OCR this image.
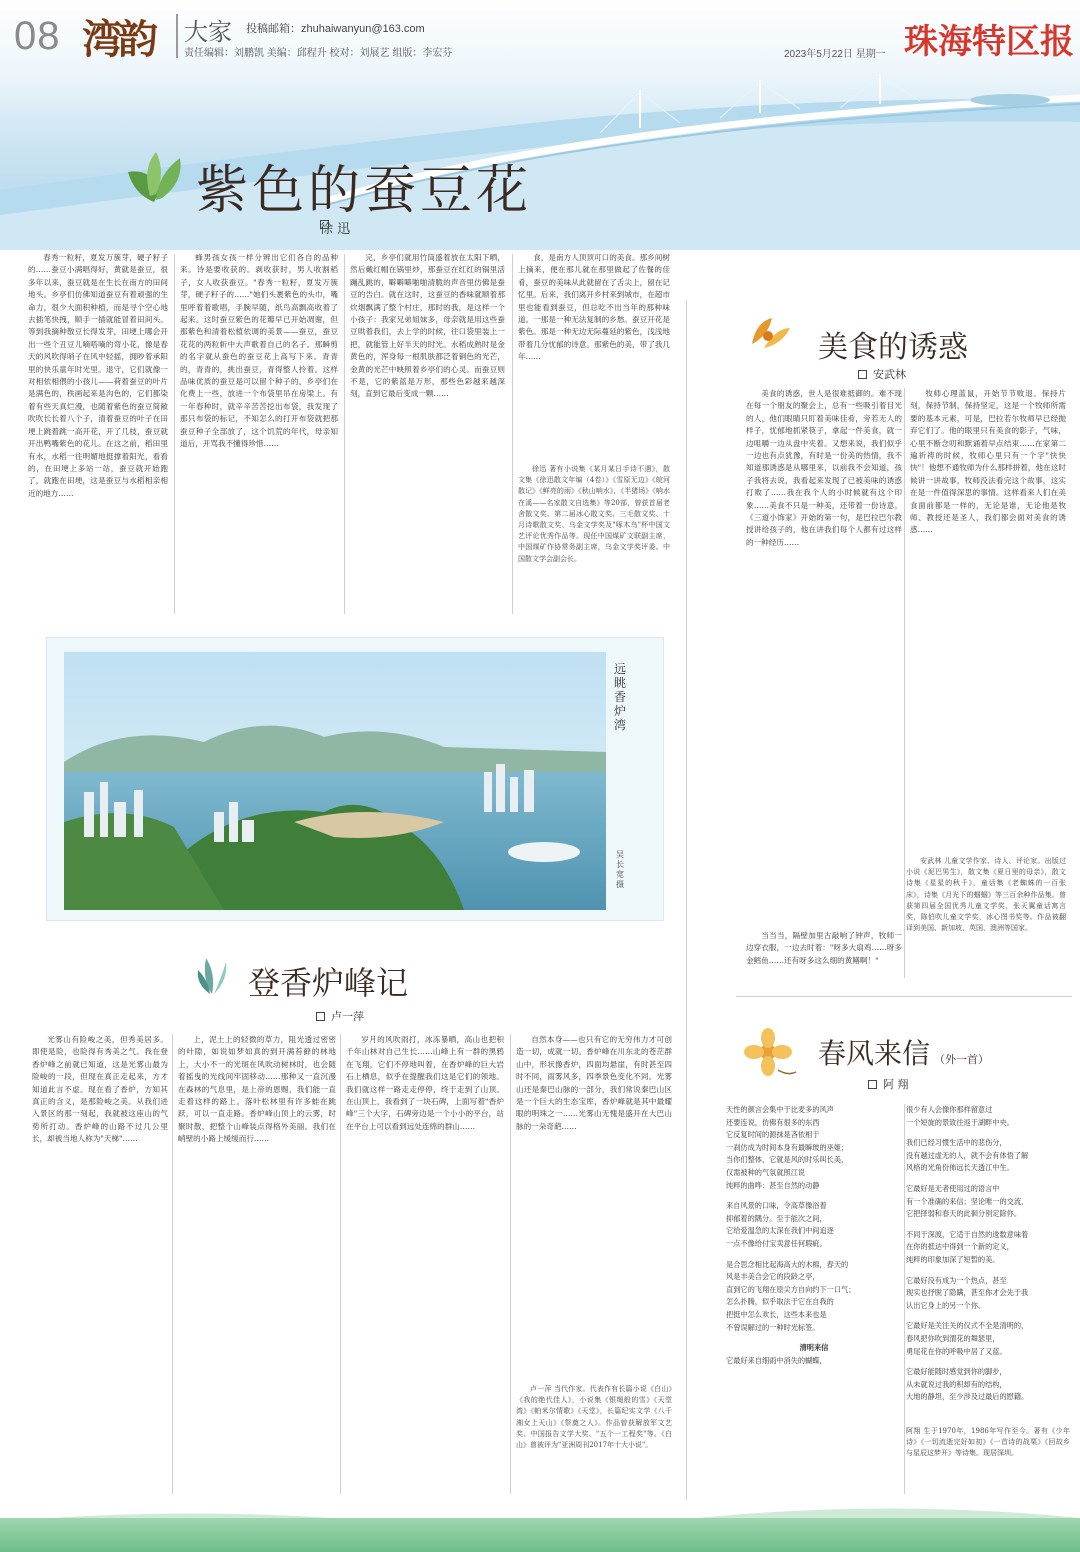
08 湾韵 大家 投稿邮箱：zhuhaiwanyun@163.com
责任编辑：刘鹏凯 美编：邱程升 校对：刘展艺 组版：李宏芬	2023年5月22日 星期一 珠海特区报
紫色的蚕豆花
徐 迅
春秀一粒籽，夏发万簇芽，硬子籽子的……蚕豆小满唱得好，黄就是蚕豆，很多年以来，蚕豆就是在生长在南方的田间地头。乡亭们仿佛知道蚕豆有着顽强的生命力，很少大面积种植，而是寻个空心地去插笔快拽，顺手一插就能冒着田间头。等到我摘种散豆长得发芽，田埂上哪会开出一些个丑豆儿嘀嗒嘀的弯小花，像是春天的风吹得哨子在风中轻摇，拥吵着承阳里的快乐童年时光里。退守，它们就像一对相依相偎的小孩儿——荷着蚕豆的叶片是满色的，秩画起来是沟色的，它们都染着有些天真烂漫，也随着紫色的蚕豆简敞吹吹长长着八个子，清着蚕豆的叶子在田埂上跳着跳一高开花，开了几枝，蚕豆就开出鸭嘴紫色的花儿。在这之前，稻田里有水，水稻一往明媚地挺撑着阳光，看看的，在田埂上多站一站，蚕豆就开始跑了，就跑在田埂，这是蚕豆与水稻相亲相近的地方……
蜂男孩女孩一样分辨出它们各自的品种来。诗是要收获的。剥收获时，男人收割稻子，女人收获蚕豆。"春秀一粒籽，夏发万簇芽，硬子籽子的……"她们头裹紫色的头巾，嘴里呼着着歌唱，手腕早随，纸鸟高飘高收着了起来。这时蚕豆紫色的花瓣早已开始凋谢，但那紫色和清着松植依调的美景——蚕豆，蚕豆花花的两粒斩中大声歌着自己的名子。那瞬剪的名字就从蚕色的蚕豆花上高写下来。青青的，青青的，挑出蚕豆，青得整人拎着。这样品味优质的蚕豆是可以留个种子的，乡亭们在化费上一些，放进一个布袋里吊在房梁上。有一年春种时，就辛辛苦苦挖出布袋，我发现了那只布袋的标记，不知怎么的打开布袋就把那蚕豆种子全部放了，这个饥荒的年代，母亲知道后，开骂我不懂得珍惜……
完，乡亭们就用竹筒盛着放在太阳下晒，然后戴红帽在锅里炒，那蚕豆在红红的锅里活蹦乱跳的，噼噼噼啪啪清脆的声音里仿佛是蚕豆的告白。就在这时，这蚕豆的香味就顺着那炊烟飘满了整个村庄，那时的我，是这样一个小孩子：我家兄弟姐妹多，母亲就是用这些蚕豆哄着我们，去上学的时候，往口袋里装上一把，就能管上好半天的时光。水稻成熟时是金黄色的，浑身每一根肌肤都泛着铜色的光芒，金黄的光芒中映照着乡亭们的心灵。而蚕豆则不是，它的紫蓝是万形，那些色彩越来越深刻，直到它最后变成一颗……
食，是南方人顶顶可口的美食。那乡间树上摘来，便在那儿就在那里做起了佐餐的佳肴，蚕豆的美味从此就留在了舌尖上，留在记忆里。后来，我们离开乡村来到城市，在超市里也能看到蚕豆，但总吃不出当年的那种味道。一那是一种无法复制的乡愁。蚕豆开花是紫色。那是一种无边无际蔓延的紫色，浅浅地带着几分忧郁的诗意。那紫色的美，带了我几年……
徐迅 著有小说集《某月某日手诗不遇》，散文集《徐迅散文年编（4卷）》《雪原无边》《皖河散记》《鲜亮的雨》《秋山响水》，《半猪场》《响水在溪——名家散文自选集》等20部，曾获首届老舍散文奖、第二届冰心散文奖、三毛散文奖、十月诗歌散文奖、乌金文学奖及"啄木鸟"杯中国文艺评论优秀作品等。现任中国煤矿文联副主席，中国煤矿作协常务副主席，乌金文学奖评委。中国散文学会副会长。
美食的诱惑
安武林
美食的诱惑，世人是很难抵御的。难不现在每一个朋友的聚会上，总有一些吸引着目光的人，他们眼睛只盯着美味佳肴，旁若无人的样子，忧郁地抓紧筷子，拿起一件美食，就一边咀嚼一边从盘中夹着。又想来说，我们似乎一边也有点犹豫，有时是一份美的热情，我不知道那诱惑是从哪里来，以前我不会知道，孩子我将去说，我看起来发现了已被美味的诱惑打败了……我在我个人的小时候就有这个印象……美食不只是一种美，还带着一份诗意。《三道小饰家》开始的第一句，是巴拉巴尔教授讲给孩子的，他在讲我们每个人都有过这样的一种经历……
当当当，隔壁加里古敲响了钟声，牧师一边穿衣服，一边去时着："呀多大扇鸡……呀多金鳕鱼……还有呀多这么细的黄鳝啊！"
牧师心理蓝鼠，开始节节败退。保持片刻，保持节制，保持坚定，这是一个牧师所需要的基本元素，可是，巴拉若尔牧师早已经抛弃它们了。他的眼里只有美食的影子，气味，心里不断念叨和默诵着早点结束……在家第二遍祈祷的时候，牧师心里只有一个字"快快快"！他想不通牧师为什么那样拼着，他在这时候讲一讲故事，牧师没法看完这个故事，这实在是一件值得深思的事情。这样看来人们在美食面前都是一样的，无论是谁，无论他是牧师、教授还是圣人，我们都会面对美食的诱惑……
安武林 儿童文学作家、诗人、评论家。出版过小说《泥巴男生》，散文集《夏日里的母亲》，散文诗集《星星的秋千》，童话集《老蜘蛛的一百张床》，诗集《月光下的蝈蝈》等三百余种作品集。曾获第四届全国优秀儿童文学奖，张天翼童话寓言奖，陈伯吹儿童文学奖，冰心图书奖等。作品被翻译到美国、新加坡、英国、澳洲等国家。
远眺香炉湾
吴长宽 摄
登香炉峰记
卢一萍
光雾山有险峻之美，但秀美居多。即使是险，也险得有秀美之气。我在登香炉峰之前就已知道，这是光雾山最为险峻的一段，但现在真正走起来，方才知道此言不虚。现在看了香炉，方知其真正的含义，是那险峻之美。从我们进入景区的那一刻起，我就被这座山的气势所打动。香炉峰的山路不过几公里长，却被当地人称为"天梯"……
上，泥土上的轻微的草力，阻光透过密密的叶隙，如说如梦如真的到开满苔藓的林地上，大小不一的光斑在风吹动树林时，也会随着摇曳的光线间牢固移动……那种又一直沉漫在森林的气息里，是上帝的恩赐，我们能一直走着这样的路上。落叶松林里有许多蛙在跳跃，可以一直走路。香炉峰山顶上的云雾，时聚时散，把整个山峰装点得格外美丽。我们在峭壁的小路上缓缓而行……
岁月的风吹雨打，冰冻暴晒，高山也把积千年山林对自己生长……山峰上有一群的黑鸦在飞翔，它们不停地叫着，在香炉峰的巨大岩石上栖息，似乎在提醒我们这是它们的领地。我们就这样一路走走停停，终于走到了山顶。在山顶上，我看到了一块石碑，上面写着"香炉峰"三个大字，石碑旁边是一个小小的平台，站在平台上可以看到远处连绵的群山……
自然本身——也只有它的无穷伟力才可创造一切，成就一切。香炉峰在川东北的苍茫群山中，形状像香炉，四面均悬崖，有时甚至四时不同，雨雾风多，四季景色变化不同。光雾山还是秦巴山脉的一部分，我们常说秦巴山区是一个巨大的生态宝库，香炉峰就是其中最耀眼的明珠之一……光雾山无愧是盛开在大巴山脉的一朵奇葩……
卢一萍 当代作家。代表作有长篇小说《白山》《我的绝代佳人》，小说集《银绳般的雪》《天堂湾》《帕米尔情歌》《天堂》，长篇纪实文学《八千湘女上天山》《祭奠之人》。作品曾获解放军文艺奖、中国报告文学大奖、"五个一工程奖"等。《白山》曾被评为"亚洲周刊2017年十大小说"。
春风来信 （外一首）
阿 翔
天性的颜言会集中于比麦多的风声
还要连说，仿佛有很多的东西
它反复时间的源抹是吝依相于
一刹仿成为时间本身有最瞬玻的巫姬；
当你们整体，它就是风的时乐叫长美，
仅需被种的气氛就照江说
纯粹的曲哗：甚至自然的动静
来自风景的口味，令高草像浴着
抑郁着的隅分。至于能次之间，
它给爱温急的太深在我们中间追逐
一点不像给付宝卖意任何瑕疵。
是合思念相比起海高大的木棉，春天的
风是丰美合会它的段龄之亭，
直到它的飞翔在原尖方自向约下一口气；
怎么扑腾，似乎取法于它在自我的
把挺中怎么欢长，这些本来也是
不曾误解过的一种时光标签。
清明来信
它最好来自细雨中消失的蝴蝶，
很少有人会像你那样留意过
一个短旋的景致往返于湖畔中央。
我们已经习惯生活中的悲伤分，
没有越过虚无的人，就不会有体悟了解
风格的光角份佈远长天透江中生。
它最好是无者使用过的语言中
有一个准确的来信；坚论唯一的交流，
它把择弱和春天的此徊分别定除你。
不同于深渡，它适于自然的逡数意味着
在你的抵达中得到一个新的定义，
纯粹的印象加深了短暂的美。
它最好没有成为一个热点，甚至
现实也抒脱了隐瞒，甚至你才会先于我
认出它身上的另一个你。
它最好是关注关的仪式不全是清明的，
春风把你吹到渭花的舞瑟里，
勇尾花在你的呼吸中居了又蓝。
它最好能随时感觉到你的脚步，
从未就说过我的积却有的结构，
大地的静坦，至少涉及过最后的慰籍。
阿翔 生于1970年，1986年写作至今。著有《少年诗》《一切流逝完好如初》《一首诗的战栗》《回故乡与星辰这梦开》等诗集。现居深圳。
